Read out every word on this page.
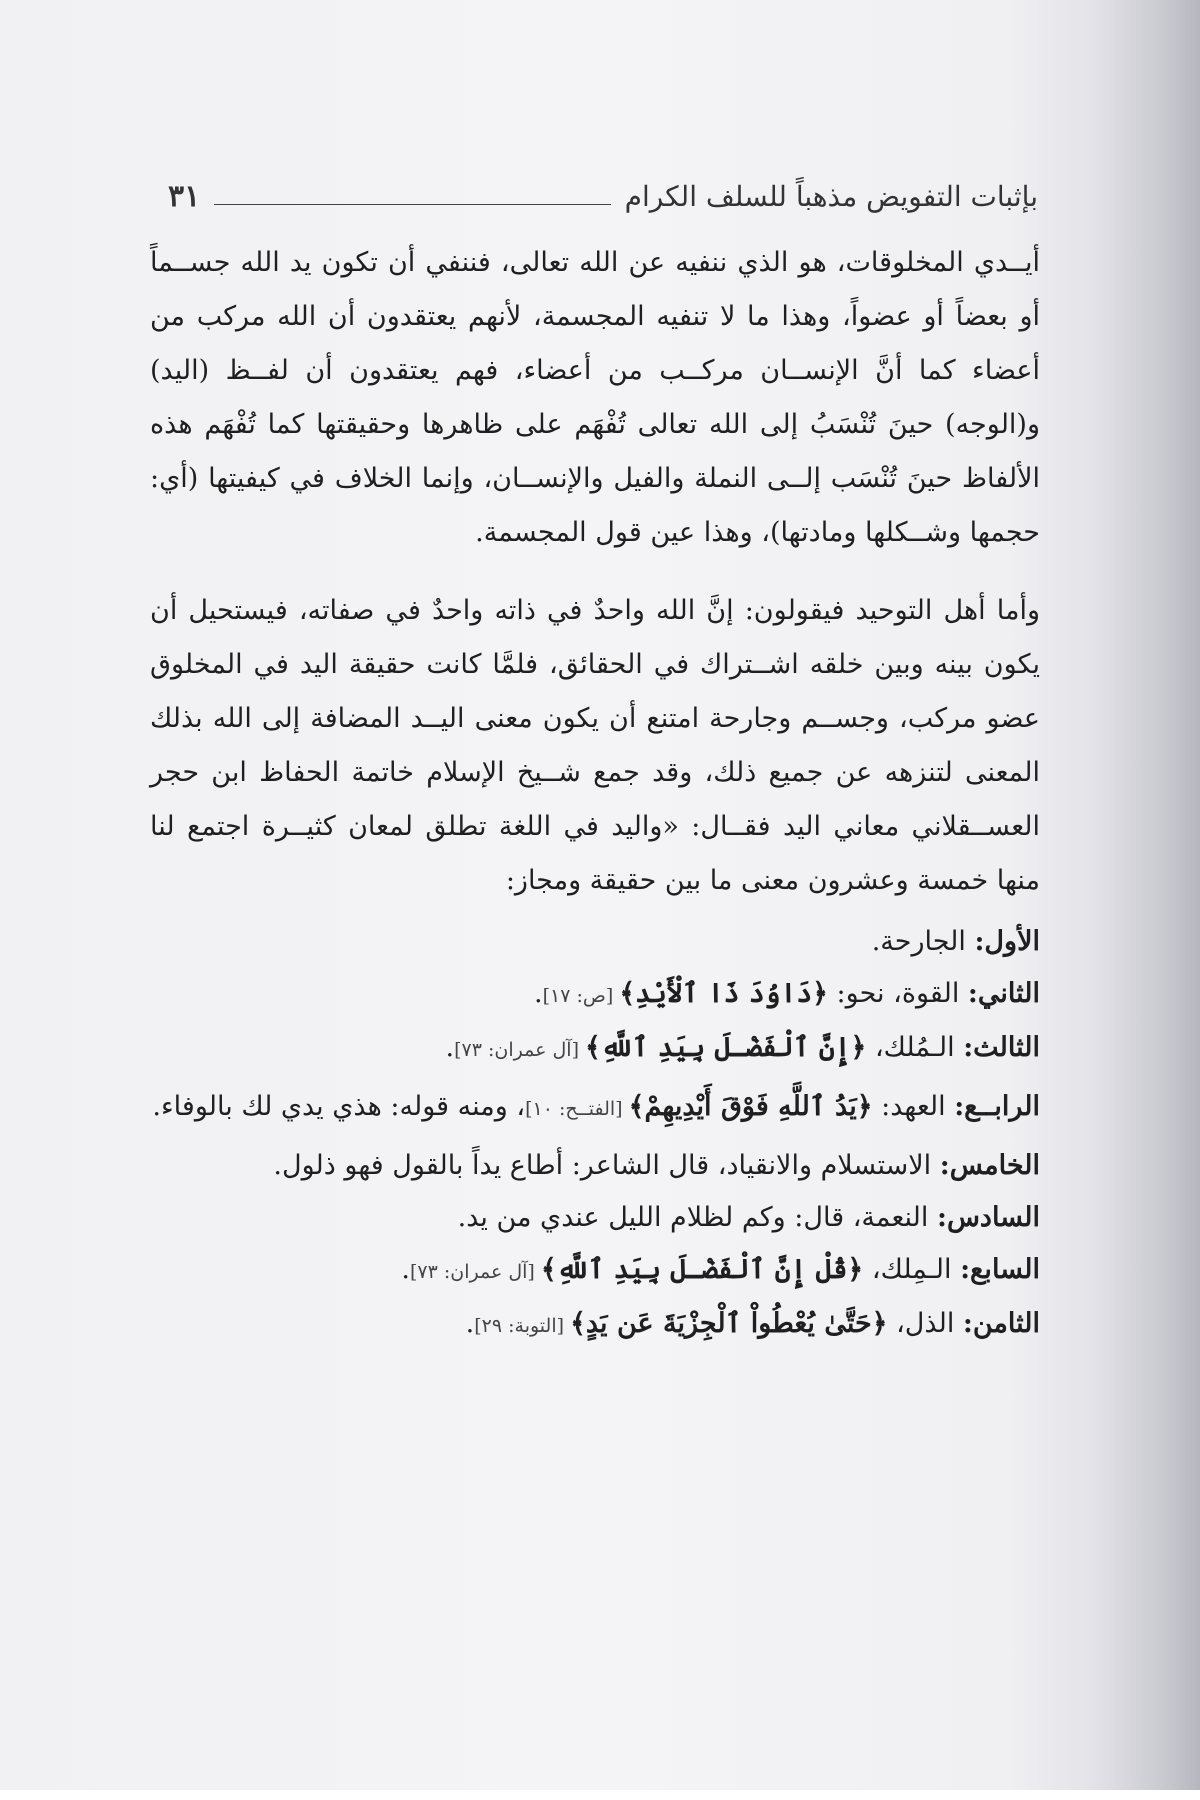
بإثبات التفويض مذهباً للسلف الكرام
٣١

أيــدي المخلوقات، هو الذي ننفيه عن الله تعالى، فننفي أن تكون يد الله جســماً أو بعضاً أو عضواً، وهذا ما لا تنفيه المجسمة، لأنهم يعتقدون أن الله مركب من أعضاء كما أنَّ الإنســان مركــب من أعضاء، فهم يعتقدون أن لفــظ (اليد) و(الوجه) حينَ تُنْسَبُ إلى الله تعالى تُفْهَم على ظاهرها وحقيقتها كما تُفْهَم هذه الألفاظ حينَ تُنْسَب إلــى النملة والفيل والإنســان، وإنما الخلاف في كيفيتها (أي: حجمها وشــكلها ومادتها)، وهذا عين قول المجسمة.

وأما أهل التوحيد فيقولون: إنَّ الله واحدٌ في ذاته واحدٌ في صفاته، فيستحيل أن يكون بينه وبين خلقه اشــتراك في الحقائق، فلمَّا كانت حقيقة اليد في المخلوق عضو مركب، وجســم وجارحة امتنع أن يكون معنى اليــد المضافة إلى الله بذلك المعنى لتنزهه عن جميع ذلك، وقد جمع شــيخ الإسلام خاتمة الحفاظ ابن حجر العســقلاني معاني اليد فقــال: «واليد في اللغة تطلق لمعان كثيــرة اجتمع لنا منها خمسة وعشرون معنى ما بين حقيقة ومجاز:

الأول: الجارحة.

الثاني: القوة، نحو: ﴿دَاوُدَ ذَا ٱلْأَيْدِ﴾ [ص: ١٧].

الثالث: الـمُلك، ﴿إِنَّ ٱلْفَضْـلَ بِيَدِ ٱللَّهِ﴾ [آل عمران: ٧٣].

الرابــع: العهد: ﴿يَدُ ٱللَّهِ فَوْقَ أَيْدِيهِمْ﴾ [الفتــح: ١٠]، ومنه قوله: هذي يدي لك بالوفاء.

الخامس: الاستسلام والانقياد، قال الشاعر: أطاع يداً بالقول فهو ذلول.

السادس: النعمة، قال: وكم لظلام الليل عندي من يد.

السابع: الـمِلك، ﴿قُلْ إِنَّ ٱلْفَضْـلَ بِيَدِ ٱللَّهِ﴾ [آل عمران: ٧٣].

الثامن: الذل، ﴿حَتَّىٰ يُعْطُواْ ٱلْجِزْيَةَ عَن يَدٍ﴾ [التوبة: ٢٩].
